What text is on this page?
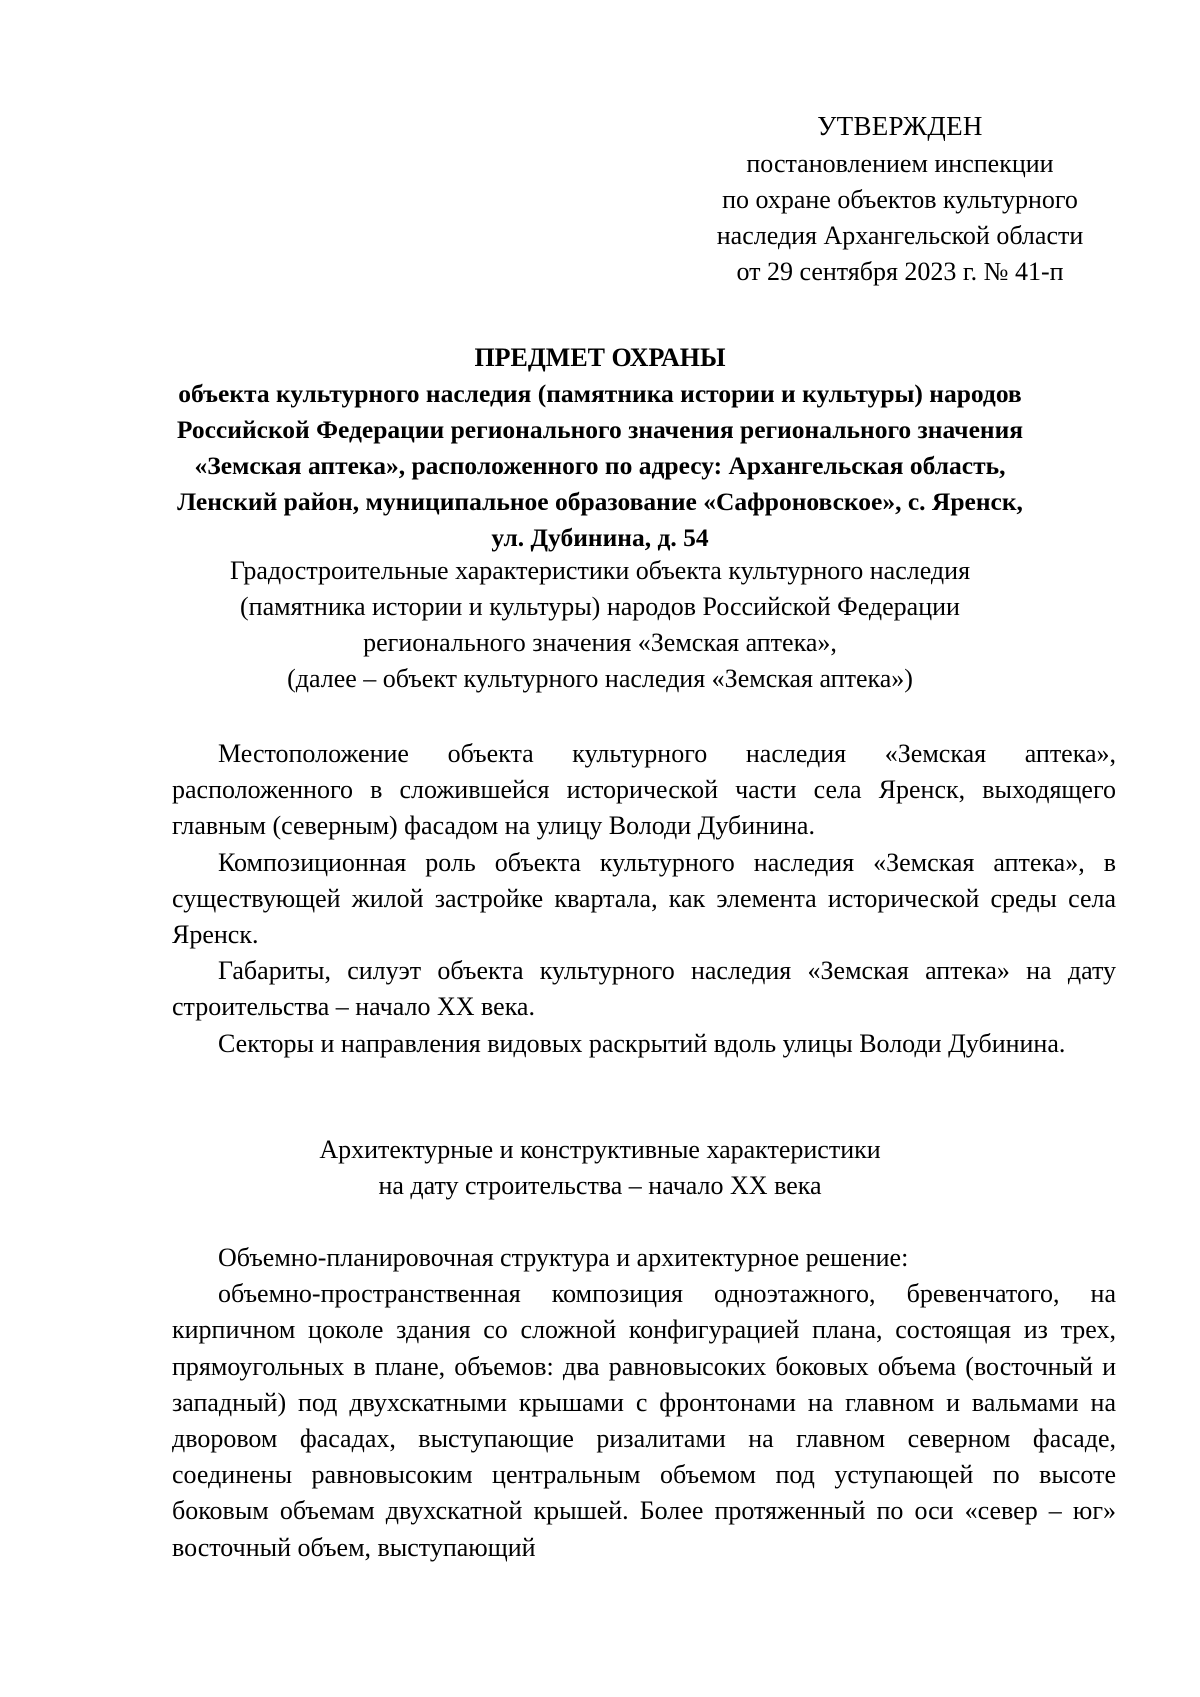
УТВЕРЖДЕН
постановлением инспекции
по охране объектов культурного
наследия Архангельской области
от 29 сентября 2023 г. № 41-п
ПРЕДМЕТ ОХРАНЫ
объекта культурного наследия (памятника истории и культуры) народов
Российской Федерации регионального значения регионального значения
«Земская аптека», расположенного по адресу: Архангельская область,
Ленский район, муниципальное образование «Сафроновское», с. Яренск,
ул. Дубинина, д. 54
Градостроительные характеристики объекта культурного наследия
(памятника истории и культуры) народов Российской Федерации
регионального значения «Земская аптека»,
(далее – объект культурного наследия «Земская аптека»)

Местоположение объекта культурного наследия «Земская аптека», расположенного в сложившейся исторической части села Яренск, выходящего главным (северным) фасадом на улицу Володи Дубинина.

Композиционная роль объекта культурного наследия «Земская аптека», в существующей жилой застройке квартала, как элемента исторической среды села Яренск.

Габариты, силуэт объекта культурного наследия «Земская аптека» на дату строительства – начало XX века.

Секторы и направления видовых раскрытий вдоль улицы Володи Дубинина.

Архитектурные и конструктивные характеристики
на дату строительства – начало XX века

Объемно-планировочная структура и архитектурное решение:

объемно-пространственная композиция одноэтажного, бревенчатого, на кирпичном цоколе здания со сложной конфигурацией плана, состоящая из трех, прямоугольных в плане, объемов: два равновысоких боковых объема (восточный и западный) под двухскатными крышами с фронтонами на главном и вальмами на дворовом фасадах, выступающие ризалитами на главном северном фасаде, соединены равновысоким центральным объемом под уступающей по высоте боковым объемам двухскатной крышей. Более протяженный по оси «север – юг» восточный объем, выступающий
